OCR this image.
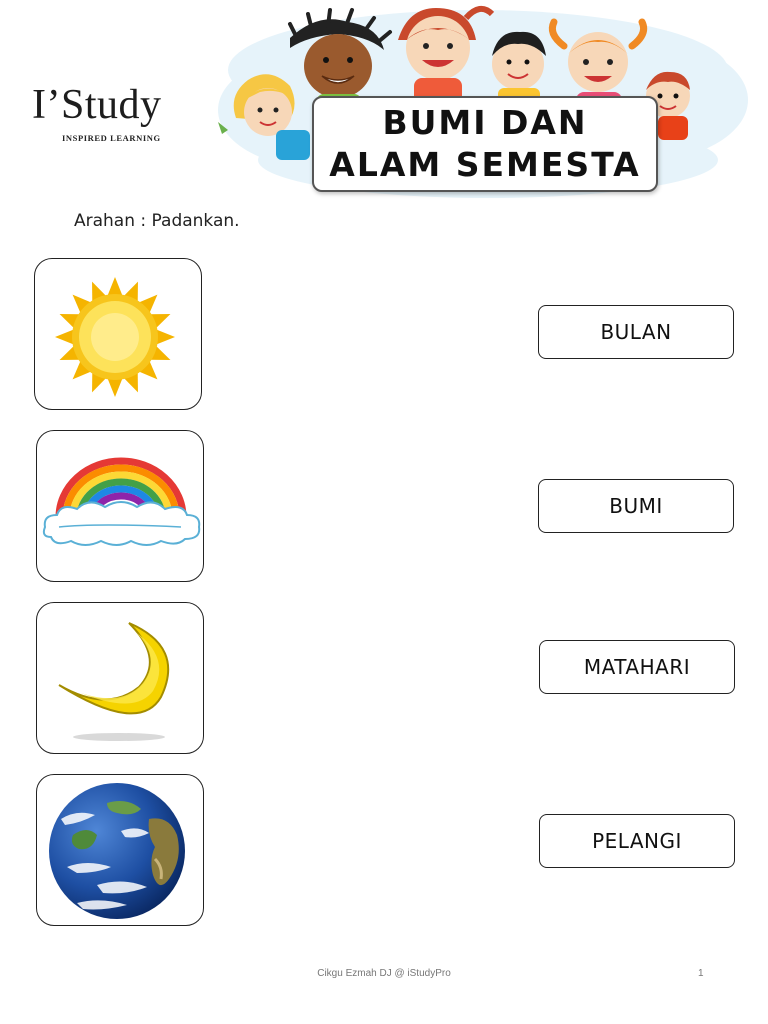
I’Study
INSPIRED LEARNING	BUMI DAN
ALAM SEMESTA
Arahan : Padankan.
BULAN
BUMI
MATAHARI
PELANGI
Cikgu Ezmah DJ @ iStudyPro	1
